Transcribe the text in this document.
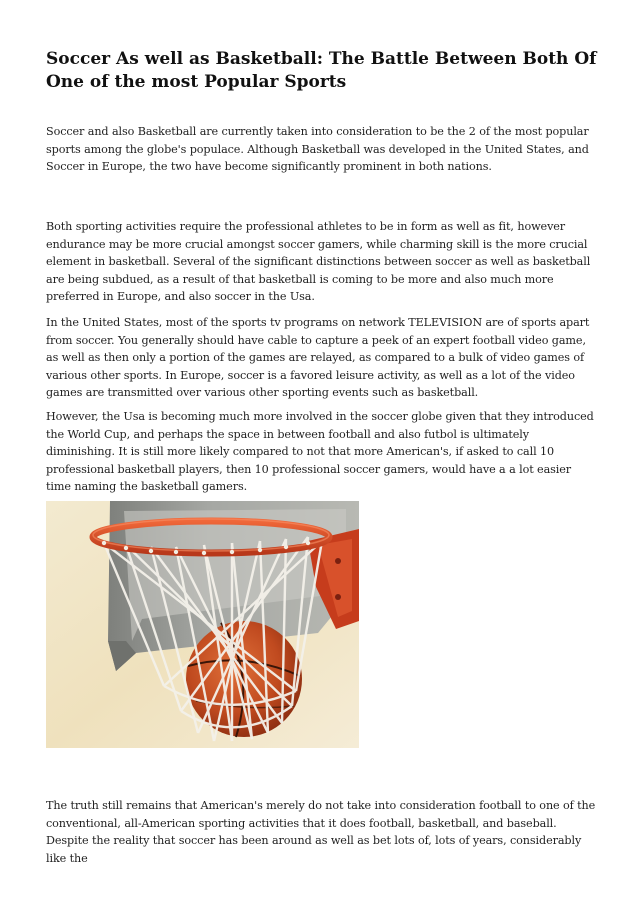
Soccer As well as Basketball: The Battle Between Both Of One of the most Popular Sports

Soccer and also Basketball are currently taken into consideration to be the 2 of the most popular sports among the globe's populace. Although Basketball was developed in the United States, and Soccer in Europe, the two have become significantly prominent in both nations.

Both sporting activities require the professional athletes to be in form as well as fit, however endurance may be more crucial amongst soccer gamers, while charming skill is the more crucial element in basketball. Several of the significant distinctions between soccer as well as basketball are being subdued, as a result of that basketball is coming to be more and also much more preferred in Europe, and also soccer in the Usa.

In the United States, most of the sports tv programs on network TELEVISION are of sports apart from soccer. You generally should have cable to capture a peek of an expert football video game, as well as then only a portion of the games are relayed, as compared to a bulk of video games of various other sports. In Europe, soccer is a favored leisure activity, as well as a lot of the video games are transmitted over various other sporting events such as basketball.

However, the Usa is becoming much more involved in the soccer globe given that they introduced the World Cup, and perhaps the space in between football and also futbol is ultimately diminishing. It is still more likely compared to not that more American's, if asked to call 10 professional basketball players, then 10 professional soccer gamers, would have a a lot easier time naming the basketball gamers.

The truth still remains that American's merely do not take into consideration football to one of the conventional, all-American sporting activities that it does football, basketball, and baseball. Despite the reality that soccer has been around as well as bet lots of, lots of years, considerably like the
